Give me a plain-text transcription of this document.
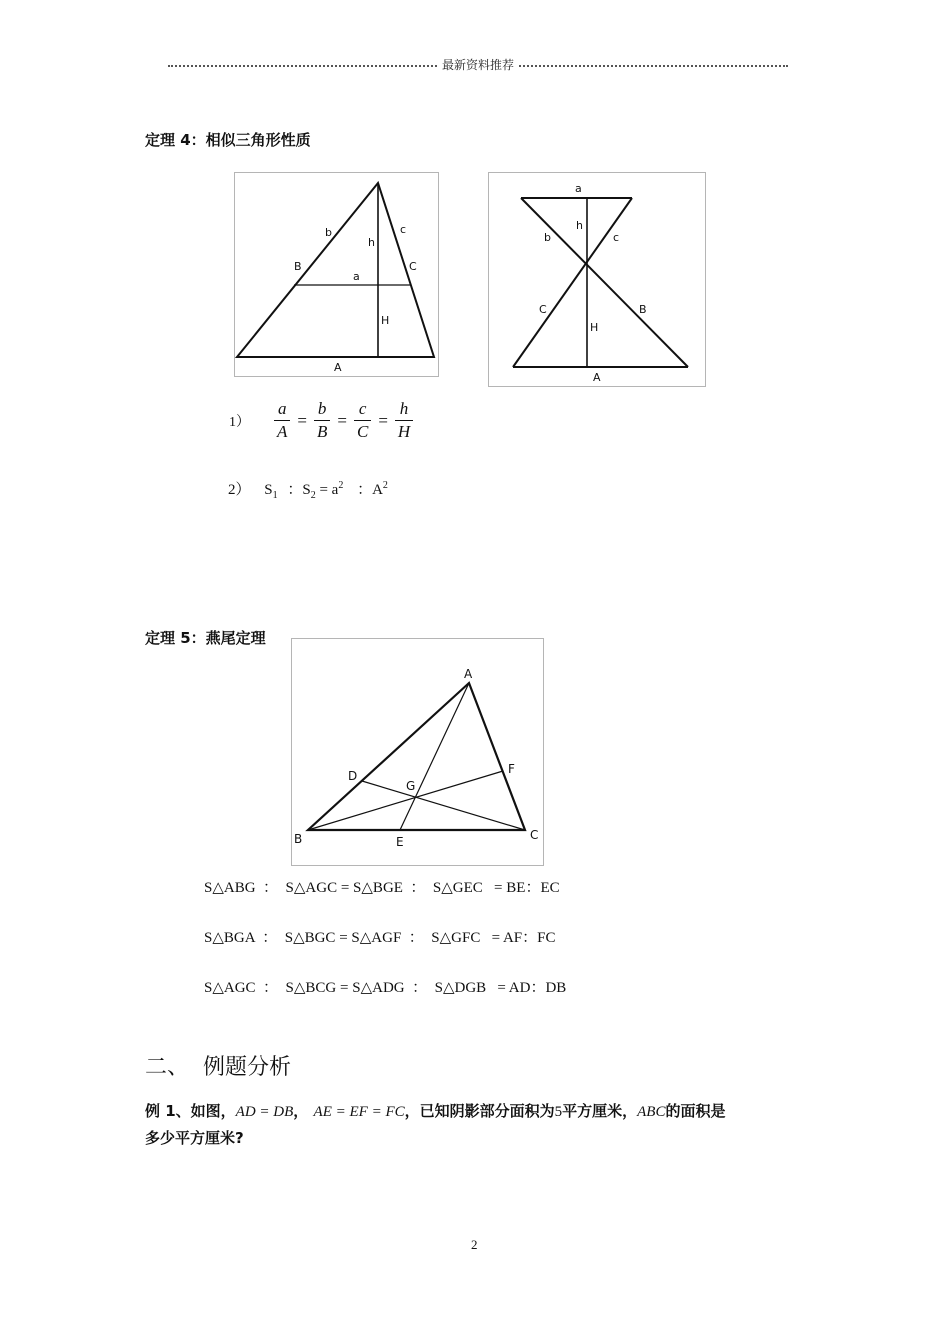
最新资料推荐
定理 4：相似三角形性质
b
h
c
B
a
C
H
A
a
h
b	c
C	B
H
A
$1) \frac{a}{A} = \frac{b}{B} = \frac{c}{C} = \frac{h}{H}$
2） $S_1$ ：$S_2 = a^2$ ：$A^2$
定理 5：燕尾定理
A
B	C
D
E
F
G
S△ABG  ：  S△AGC = S△BGE  ：  S△GEC   = BE：EC
S△BGA  ：  S△BGC = S△AGF  ：  S△GFC   = AF：FC
S△AGC  ：  S△BCG = S△ADG  ：  S△DGB   = AD：DB
二、  例题分析
例 1、如图，AD = DB， AE = EF = FC，已知阴影部分面积为5平方厘米，ABC的面积是
多少平方厘米?
2
